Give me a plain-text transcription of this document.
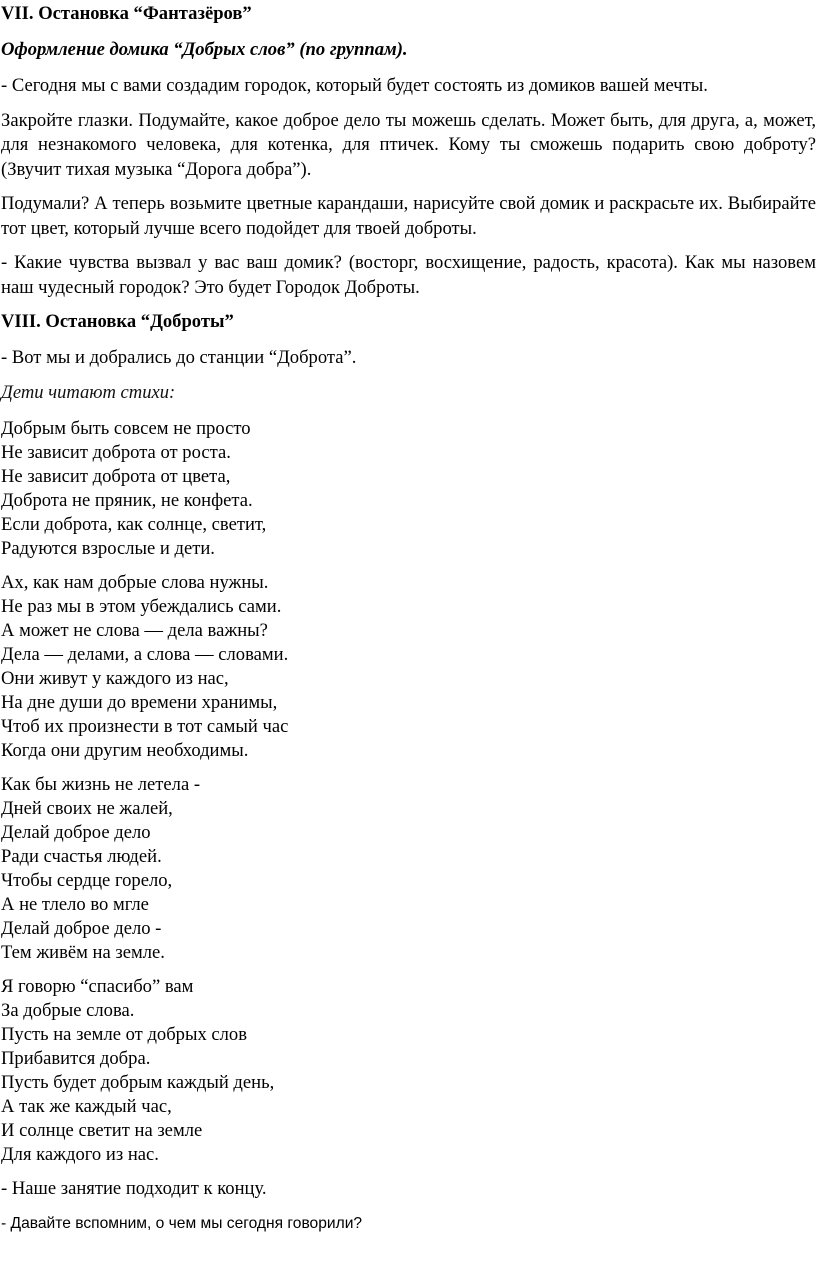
VII. Остановка “Фантазёров”
Оформление домика “Добрых слов” (по группам).
- Сегодня мы с вами создадим городок, который будет состоять из домиков вашей мечты.
Закройте глазки. Подумайте, какое доброе дело ты можешь сделать. Может быть, для друга, а, может, для незнакомого человека, для котенка, для птичек. Кому ты сможешь подарить свою доброту? (Звучит тихая музыка “Дорога добра”).
Подумали? А теперь возьмите цветные карандаши, нарисуйте свой домик и раскрасьте их. Выбирайте тот цвет, который лучше всего подойдет для твоей доброты.
- Какие чувства вызвал у вас ваш домик? (восторг, восхищение, радость, красота). Как мы назовем наш чудесный городок? Это будет Городок Доброты.
VIII. Остановка “Доброты”
- Вот мы и добрались до станции “Доброта”.
Дети читают стихи:
Добрым быть совсем не просто
Не зависит доброта от роста.
Не зависит доброта от цвета,
Доброта не пряник, не конфета.
Если доброта, как солнце, светит,
Радуются взрослые и дети.
Ах, как нам добрые слова нужны.
Не раз мы в этом убеждались сами.
А может не слова — дела важны?
Дела — делами, а слова — словами.
Они живут у каждого из нас,
На дне души до времени хранимы,
Чтоб их произнести в тот самый час
Когда они другим необходимы.
Как бы жизнь не летела -
Дней своих не жалей,
Делай доброе дело
Ради счастья людей.
Чтобы сердце горело,
А не тлело во мгле
Делай доброе дело -
Тем живём на земле.
Я говорю “спасибо” вам
За добрые слова.
Пусть на земле от добрых слов
Прибавится добра.
Пусть будет добрым каждый день,
А так же каждый час,
И солнце светит на земле
Для каждого из нас.
- Наше занятие подходит к концу.
- Давайте вспомним, о чем мы сегодня говорили?
